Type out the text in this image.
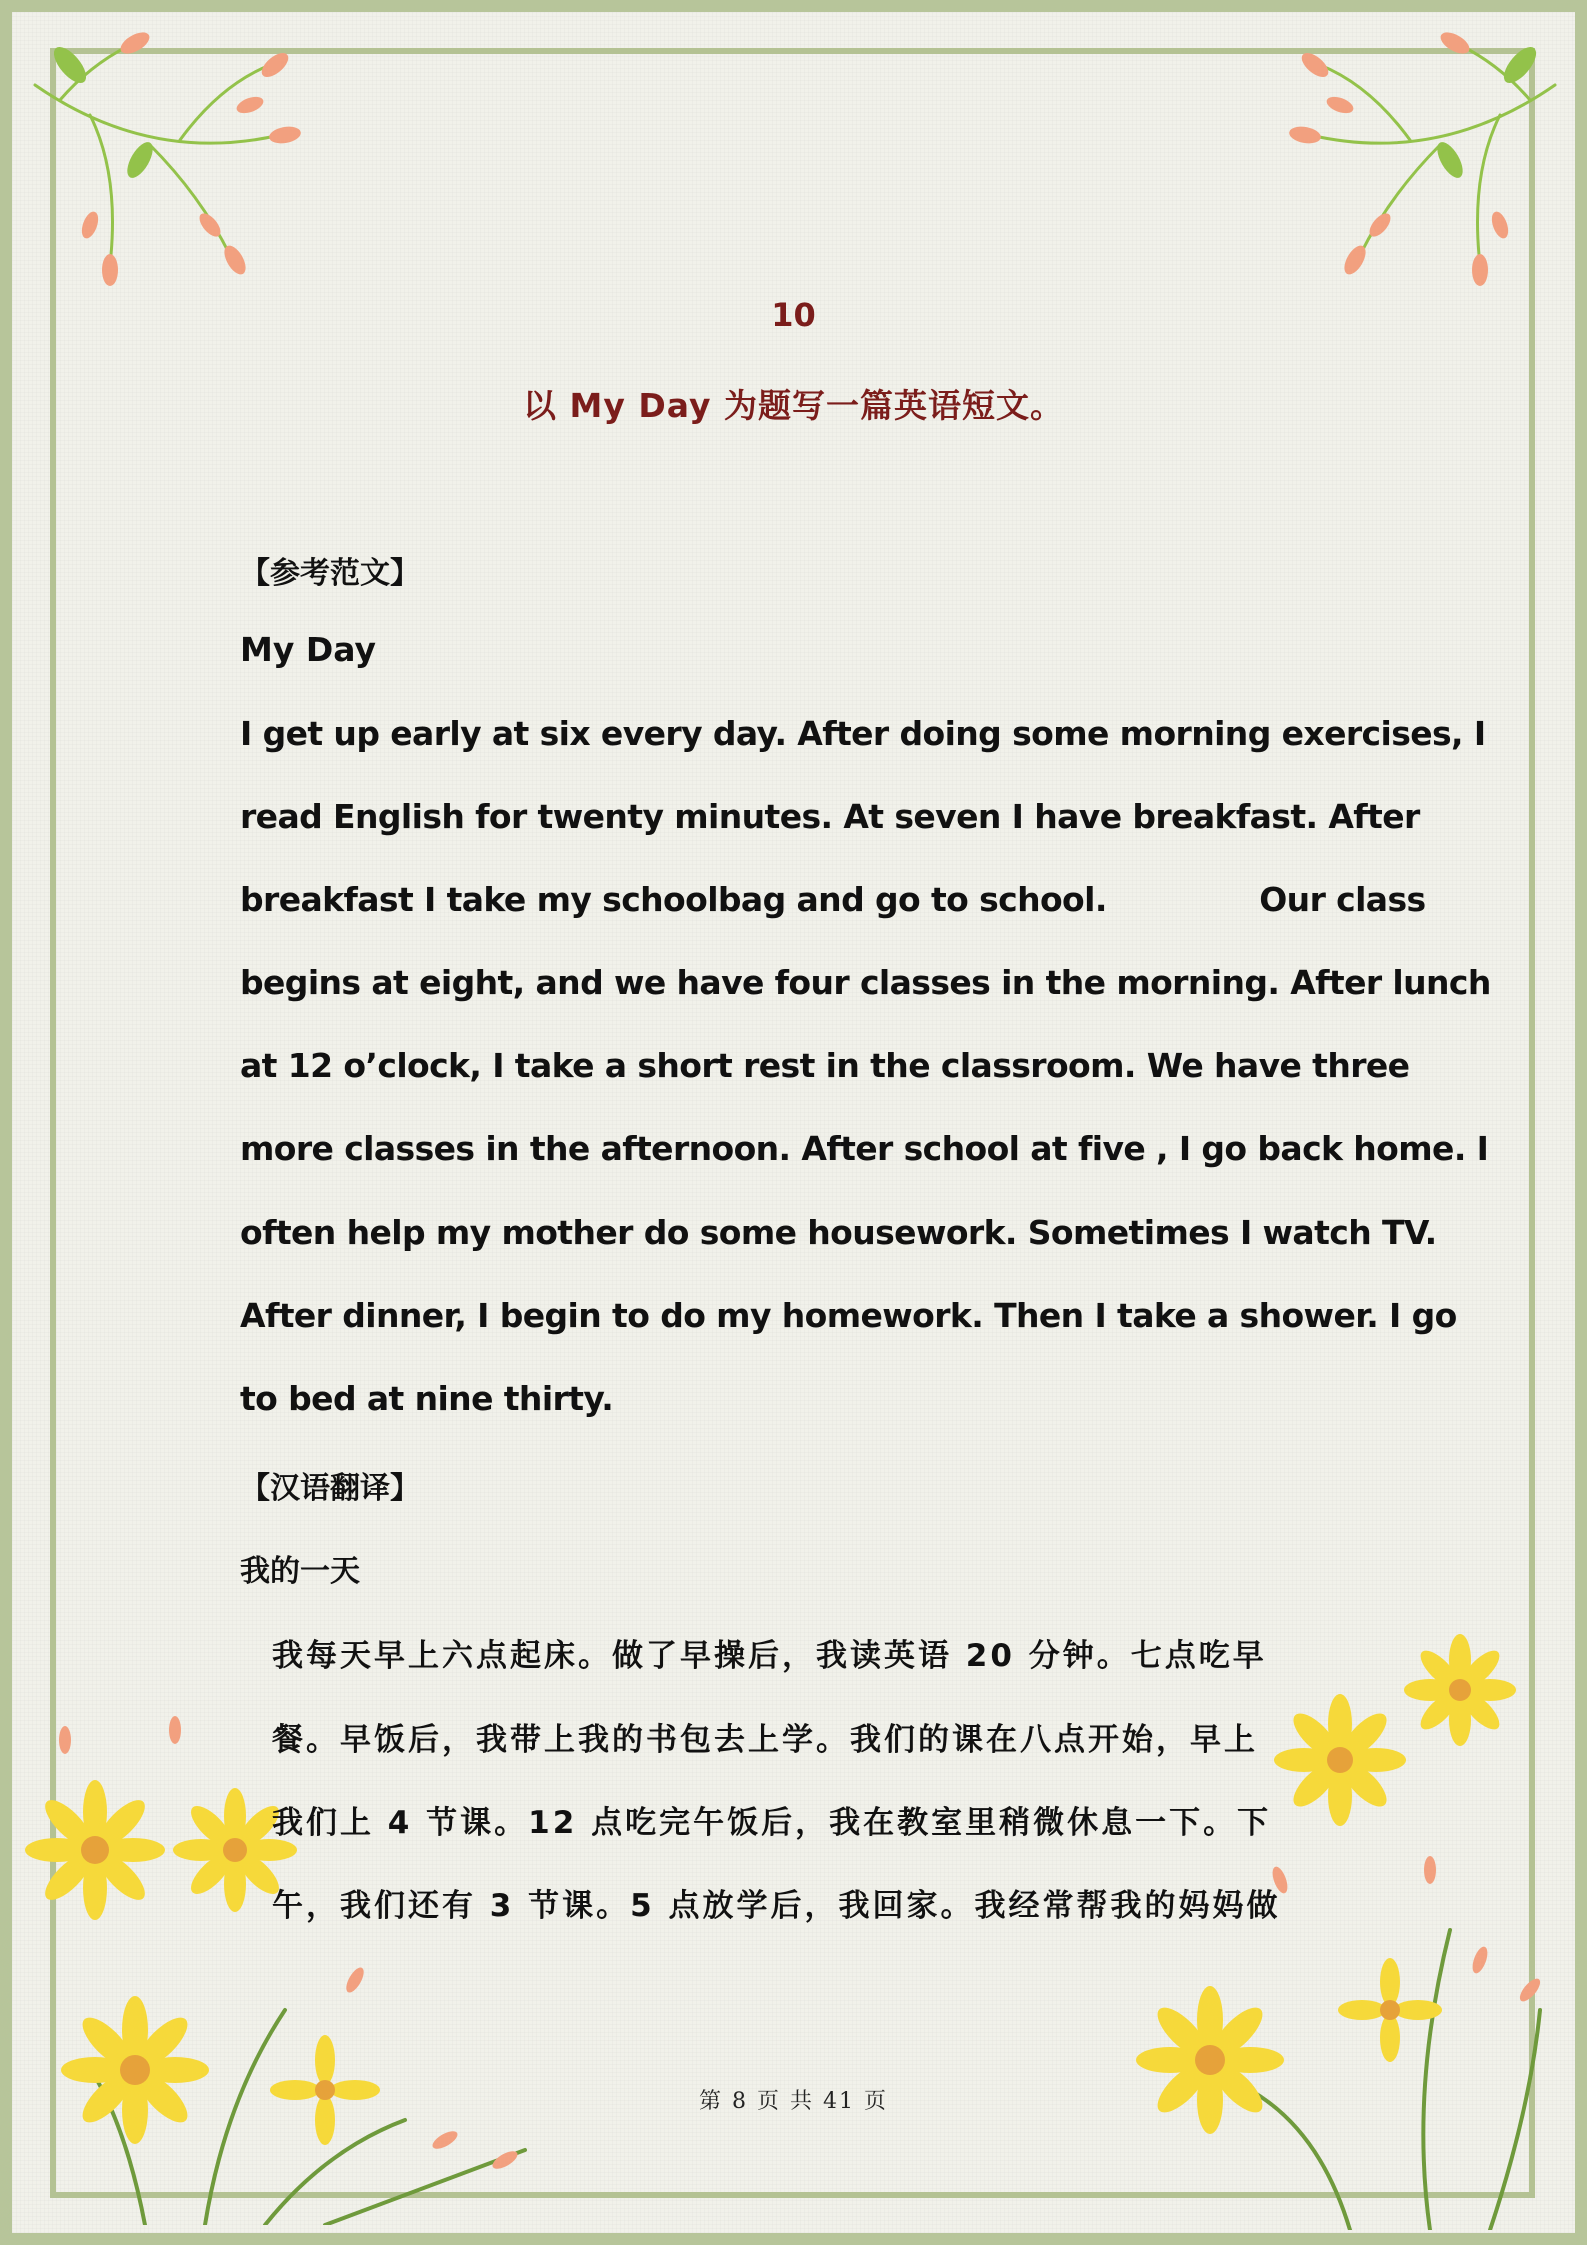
10
以 My Day 为题写一篇英语短文。
【参考范文】
My Day
I get up early at six every day. After doing some morning exercises, I
read English for twenty minutes. At seven I have breakfast. After
breakfast I take my schoolbag and go to school.              Our class
begins at eight, and we have four classes in the morning. After lunch
at 12 o’clock, I take a short rest in the classroom. We have three
more classes in the afternoon. After school at five , I go back home. I
often help my mother do some housework. Sometimes I watch TV.
After dinner, I begin to do my homework. Then I take a shower. I go
to bed at nine thirty.
【汉语翻译】
我的一天
我每天早上六点起床。做了早操后，我读英语 20 分钟。七点吃早
餐。早饭后，我带上我的书包去上学。我们的课在八点开始，早上
我们上 4 节课。12 点吃完午饭后，我在教室里稍微休息一下。下
午，我们还有 3 节课。5 点放学后，我回家。我经常帮我的妈妈做
第 8 页 共 41 页
